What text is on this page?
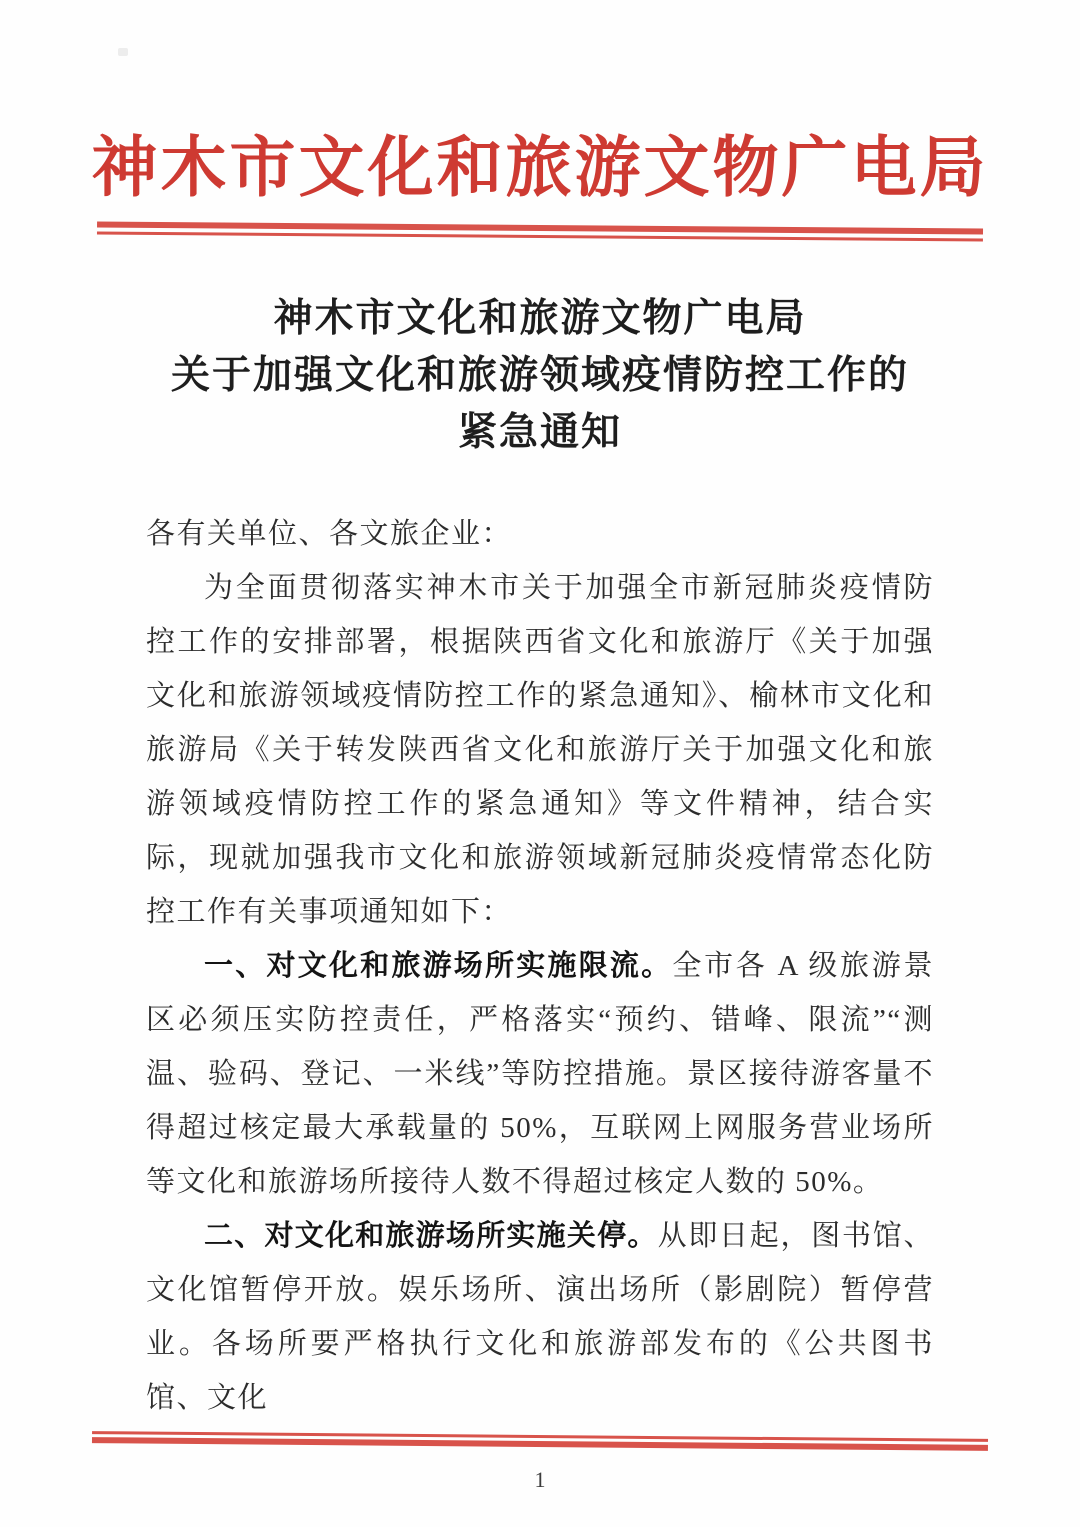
神木市文化和旅游文物广电局
神木市文化和旅游文物广电局
关于加强文化和旅游领域疫情防控工作的
紧急通知

各有关单位、各文旅企业：

为全面贯彻落实神木市关于加强全市新冠肺炎疫情防控工作的安排部署，根据陕西省文化和旅游厅《关于加强文化和旅游领域疫情防控工作的紧急通知》、榆林市文化和旅游局《关于转发陕西省文化和旅游厅关于加强文化和旅游领域疫情防控工作的紧急通知》等文件精神，结合实际，现就加强我市文化和旅游领域新冠肺炎疫情常态化防控工作有关事项通知如下：

一、对文化和旅游场所实施限流。全市各 A 级旅游景区必须压实防控责任，严格落实“预约、错峰、限流”“测温、验码、登记、一米线”等防控措施。景区接待游客量不得超过核定最大承载量的 50%，互联网上网服务营业场所等文化和旅游场所接待人数不得超过核定人数的 50%。

二、对文化和旅游场所实施关停。从即日起，图书馆、文化馆暂停开放。娱乐场所、演出场所（影剧院）暂停营业。各场所要严格执行文化和旅游部发布的《公共图书馆、文化

1
